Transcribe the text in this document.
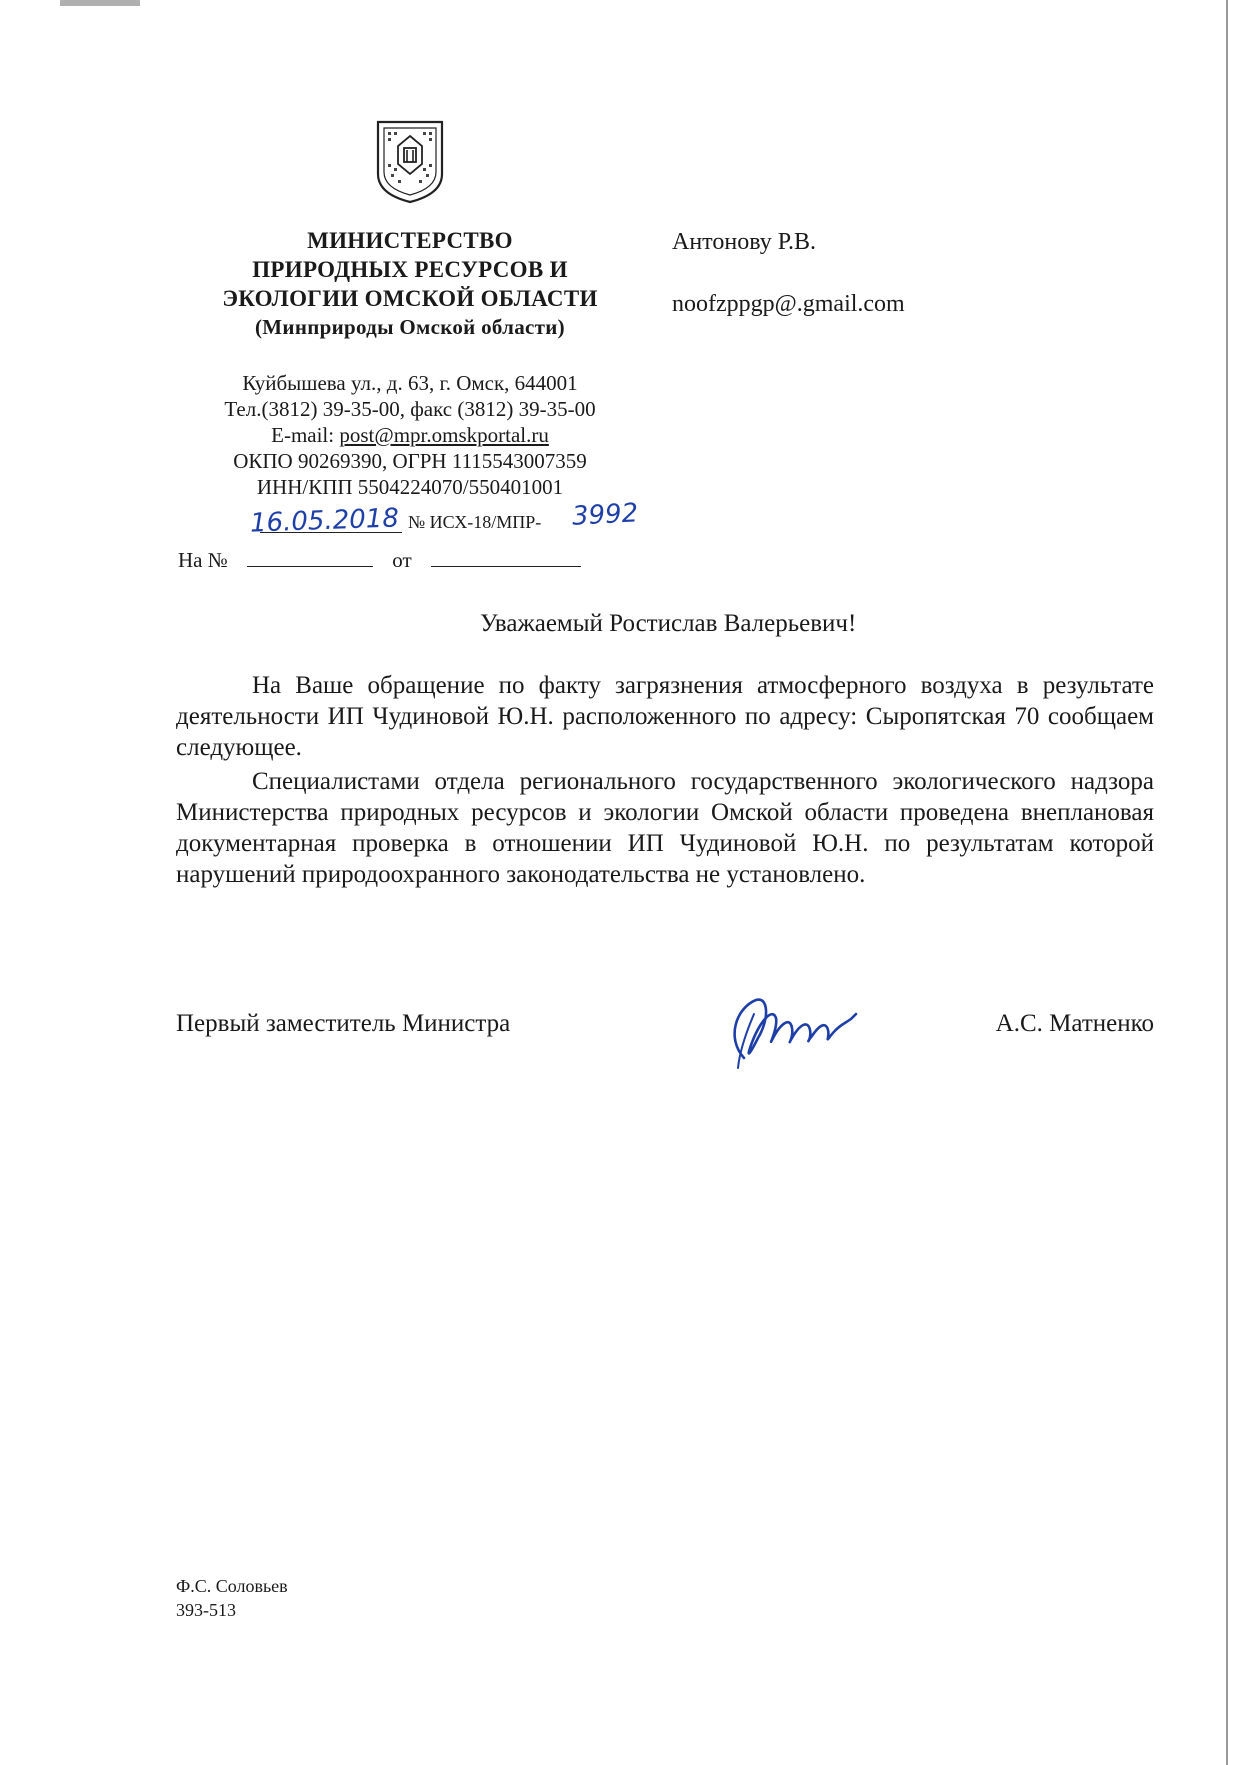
МИНИСТЕРСТВО
ПРИРОДНЫХ РЕСУРСОВ И
ЭКОЛОГИИ ОМСКОЙ ОБЛАСТИ
(Минприроды Омской области)
Куйбышева ул., д. 63, г. Омск, 644001
Тел.(3812) 39-35-00, факс (3812) 39-35-00
E-mail: post@mpr.omskportal.ru
ОКПО 90269390, ОГРН 1115543007359
ИНН/КПП 5504224070/550401001
16.05.2018 № ИСХ-18/МПР- 3992
На №	от
Антонову Р.В.
noofzppgp@.gmail.com
Уважаемый Ростислав Валерьевич!

На Ваше обращение по факту загрязнения атмосферного воздуха в результате деятельности ИП Чудиновой Ю.Н. расположенного по адресу: Сыропятская 70 сообщаем следующее.

Специалистами отдела регионального государственного экологического надзора Министерства природных ресурсов и экологии Омской области проведена внеплановая документарная проверка в отношении ИП Чудиновой Ю.Н. по результатам которой нарушений природоохранного законодательства не установлено.

Первый заместитель Министра	А.С. Матненко
Ф.С. Соловьев
393-513
